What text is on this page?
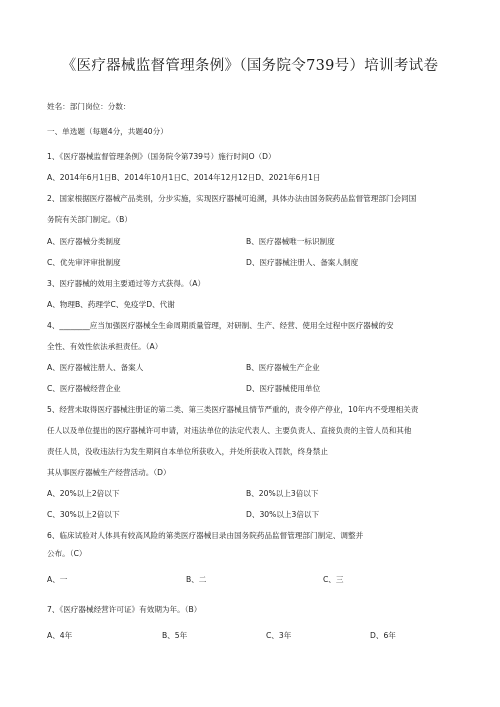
《医疗器械监督管理条例》（国务院令739号）培训考试卷
姓名：部门岗位：分数：
一、单选题（每题4分，共题40分）
1、《医疗器械监督管理条例》（国务院令第739号）施行时间O（D）
A、2014年6月1日B、2014年10月1日C、2014年12月12日D、2021年6月1日
2、国家根据医疗器械产品类别，分步实施，实现医疗器械可追溯，具体办法由国务院药品监督管理部门会同国
务院有关部门制定。（B）
A、医疗器械分类制度	B、医疗器械唯一标识制度
C、优先审评审批制度	D、医疗器械注册人、备案人制度
3、医疗器械的效用主要通过等方式获得。（A）
A、物理B、药理学C、免疫学D、代谢
4、________应当加强医疗器械全生命周期质量管理，对研制、生产、经营、使用全过程中医疗器械的安
全性、有效性依法承担责任。（A）
A、医疗器械注册人、备案人	B、医疗器械生产企业
C、医疗器械经营企业	D、医疗器械使用单位
5、经营未取得医疗器械注册证的第二类、第三类医疗器械且情节严重的，责令停产停业，10年内不受理相关责
任人以及单位提出的医疗器械许可申请，对违法单位的法定代表人、主要负责人、直接负责的主管人员和其他
责任人员，没收违法行为发生期间自本单位所获收入，并处所获收入罚款，终身禁止
其从事医疗器械生产经营活动。（D）
A、20%以上2倍以下	B、20%以上3倍以下
C、30%以上2倍以下	D、30%以上3倍以下
6、临床试验对人体具有较高风险的第类医疗器械目录由国务院药品监督管理部门制定、调整并
公布。（C）
A、一	B、二	C、三
7、《医疗器械经营许可证》有效期为年。（B）
A、4年	B、5年	C、3年	D、6年
